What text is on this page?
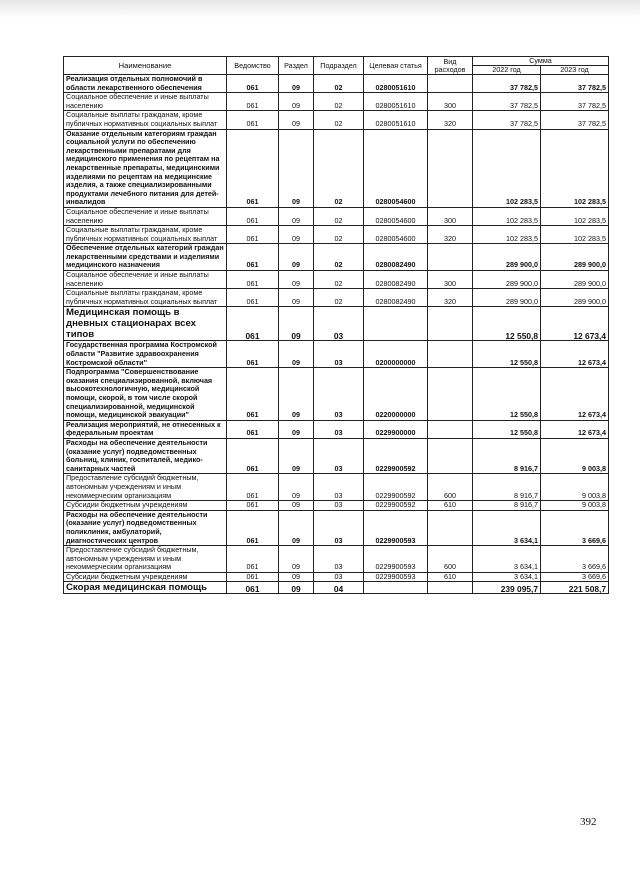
Наименование	Ведомство	Раздел	Подраздел	Целевая статья	Вид расходов	Сумма	
						2022 год	2023 год
Реализация отдельных полномочий в области лекарственного обеспечения	061	09	02	0280051610		37 782,5	37 782,5
Социальное обеспечение и иные выплаты населению	061	09	02	0280051610	300	37 782,5	37 782,5
Социальные выплаты гражданам, кроме публичных нормативных социальных выплат	061	09	02	0280051610	320	37 782,5	37 782,5
Оказание отдельным категориям граждан социальной услуги по обеспечению лекарственными препаратами для медицинского применения по рецептам на лекарственные препараты, медицинскими изделиями по рецептам на медицинские изделия, а также специализированными продуктами лечебного питания для детей-инвалидов	061	09	02	0280054600		102 283,5	102 283,5
Социальное обеспечение и иные выплаты населению	061	09	02	0280054600	300	102 283,5	102 283,5
Социальные выплаты гражданам, кроме публичных нормативных социальных выплат	061	09	02	0280054600	320	102 283,5	102 283,5
Обеспечение отдельных категорий граждан лекарственными средствами и изделиями медицинского назначения	061	09	02	0280082490		289 900,0	289 900,0
Социальное обеспечение и иные выплаты населению	061	09	02	0280082490	300	289 900,0	289 900,0
Социальные выплаты гражданам, кроме публичных нормативных социальных выплат	061	09	02	0280082490	320	289 900,0	289 900,0
Медицинская помощь в дневных стационарах всех типов	061	09	03			12 550,8	12 673,4
Государственная программа Костромской области "Развитие здравоохранения Костромской области"	061	09	03	0200000000		12 550,8	12 673,4
Подпрограмма "Совершенствование оказания специализированной, включая высокотехнологичную, медицинской помощи, скорой, в том числе скорой специализированной, медицинской помощи, медицинской эвакуации"	061	09	03	0220000000		12 550,8	12 673,4
Реализация мероприятий, не отнесенных к федеральным проектам	061	09	03	0229900000		12 550,8	12 673,4
Расходы на обеспечение деятельности (оказание услуг) подведомственных больниц, клиник, госпиталей, медико-санитарных частей	061	09	03	0229900592		8 916,7	9 003,8
Предоставление субсидий бюджетным, автономным учреждениям и иным некоммерческим организациям	061	09	03	0229900592	600	8 916,7	9 003,8
Субсидии бюджетным учреждениям	061	09	03	0229900592	610	8 916,7	9 003,8
Расходы на обеспечение деятельности (оказание услуг) подведомственных поликлиник, амбулаторий, диагностических центров	061	09	03	0229900593		3 634,1	3 669,6
Предоставление субсидий бюджетным, автономным учреждениям и иным некоммерческим организациям	061	09	03	0229900593	600	3 634,1	3 669,6
Субсидии бюджетным учреждениям	061	09	03	0229900593	610	3 634,1	3 669,6
Скорая медицинская помощь	061	09	04			239 095,7	221 508,7
392
